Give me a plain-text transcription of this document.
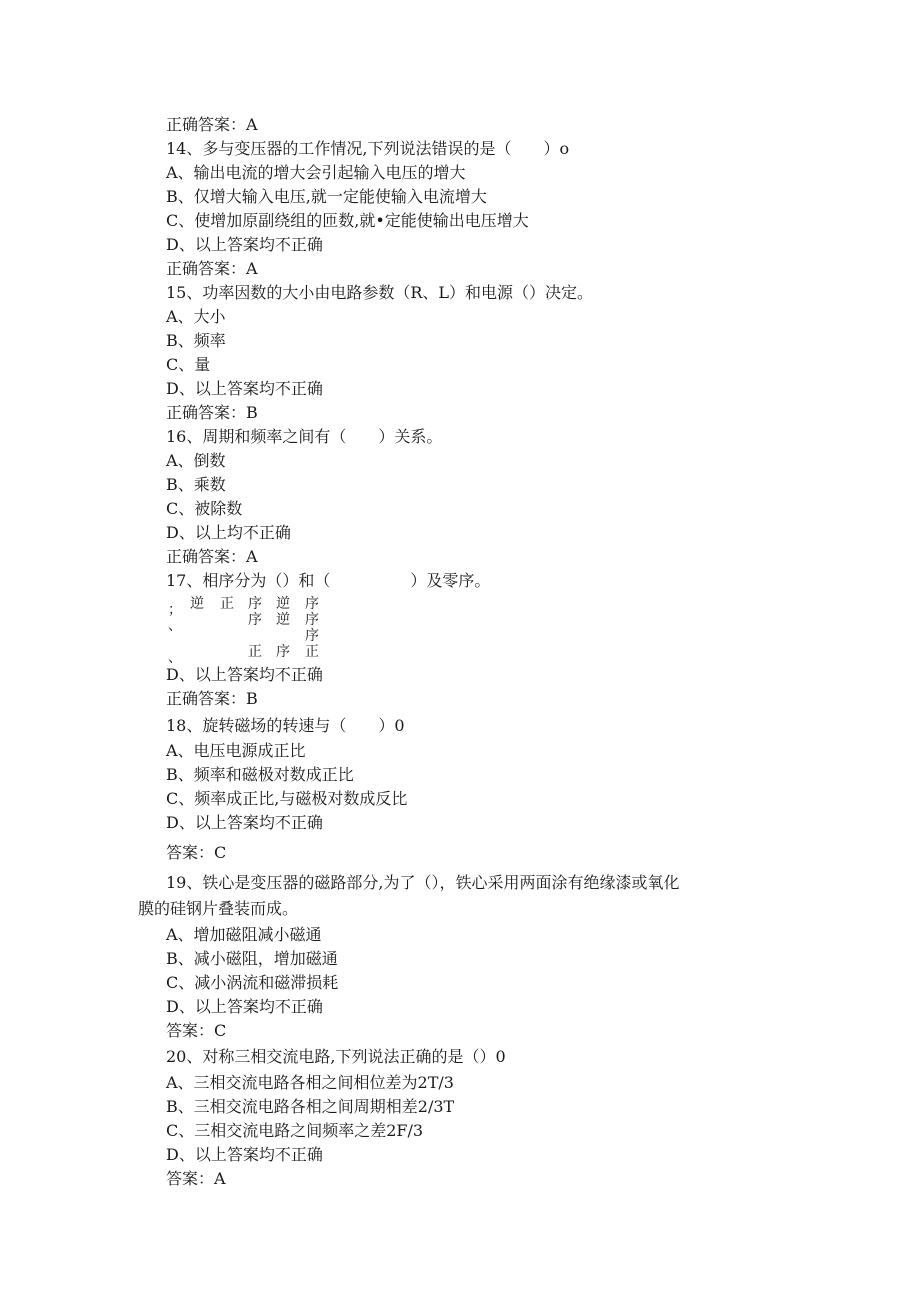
正确答案：A
14、多与变压器的工作情况,下列说法错误的是（　　）o
A、输出电流的增大会引起输入电压的增大
B、仅增大输入电压,就一定能使输入电流增大
C、使增加原副绕组的匝数,就•定能使输出电压增大
D、以上答案均不正确
正确答案：A
15、功率因数的大小由电路参数（R、L）和电源（）决定。
A、大小
B、频率
C、量
D、以上答案均不正确
正确答案：B
16、周期和频率之间有（　　）关系。
A、倒数
B、乘数
C、被除数
D、以上均不正确
正确答案：A
17、相序分为（）和（　　　　　）及零序。
；
、

、
逆 正 序
序

正
逆
逆

序
序
序
序
正
D、以上答案均不正确
正确答案：B
18、旋转磁场的转速与（　　）0
A、电压电源成正比
B、频率和磁极对数成正比
C、频率成正比,与磁极对数成反比
D、以上答案均不正确
答案：C
19、铁心是变压器的磁路部分,为了（），铁心采用两面涂有绝缘漆或氧化
膜的硅钢片叠装而成。
A、增加磁阻减小磁通
B、减小磁阻，增加磁通
C、减小涡流和磁滞损耗
D、以上答案均不正确
答案：C
20、对称三相交流电路,下列说法正确的是（）0
A、三相交流电路各相之间相位差为2T/3
B、三相交流电路各相之间周期相差2/3T
C、三相交流电路之间频率之差2F/3
D、以上答案均不正确
答案：A
